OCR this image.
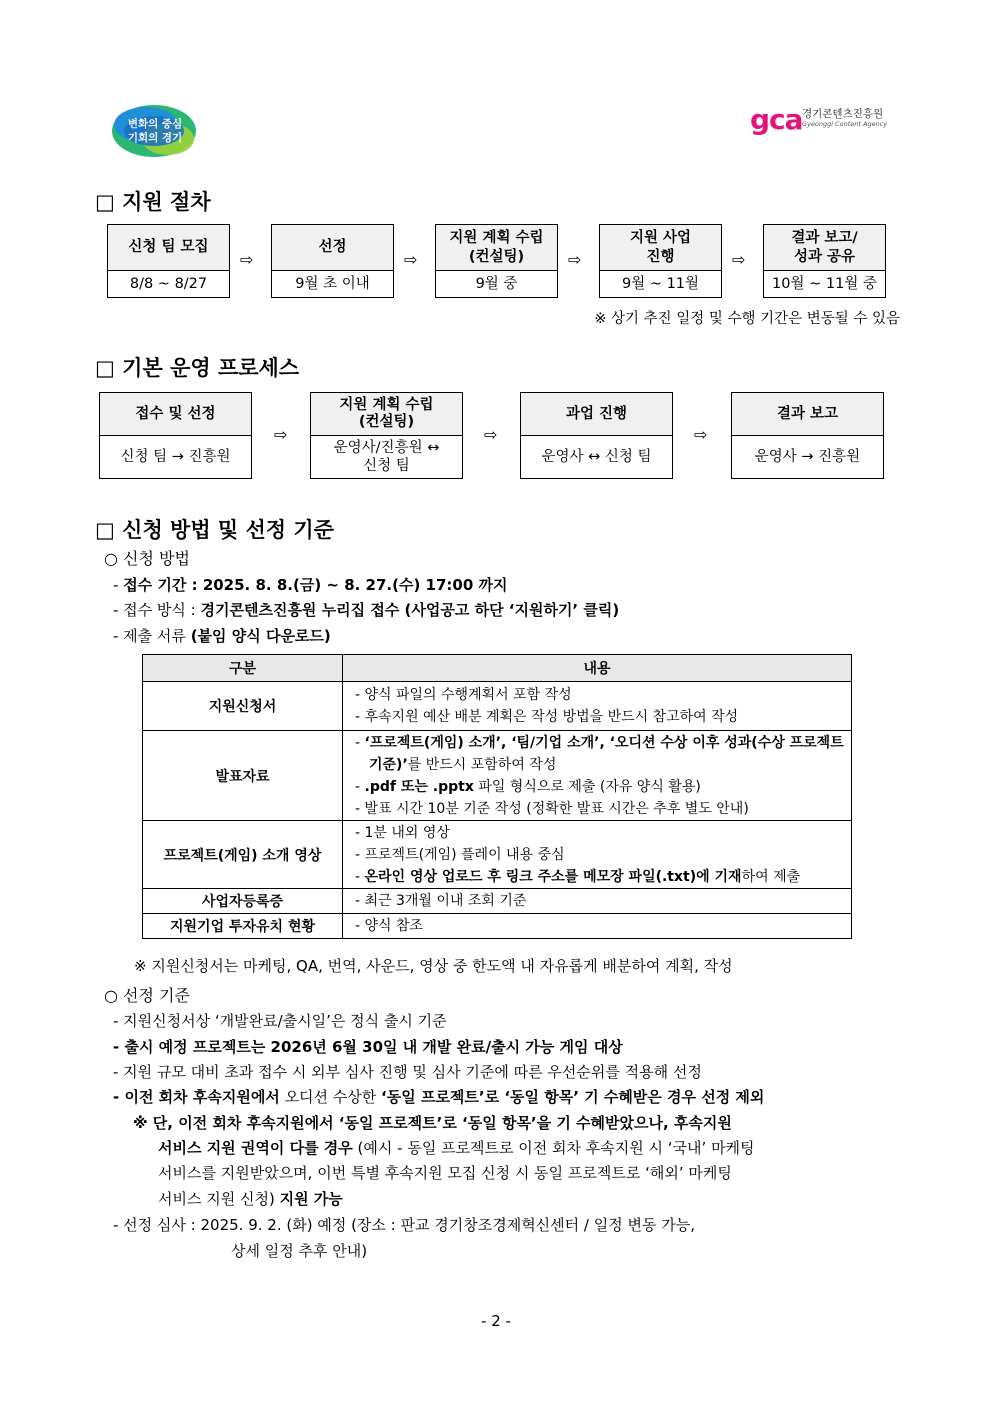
변화의 중심
기회의 경기
gca 경기콘텐츠진흥원
Gyeonggi Content Agency
□ 지원 절차
신청 팀 모집
8/8 ~ 8/27
⇨
선정
9월 초 이내
⇨
지원 계획 수립
(컨설팅)
9월 중
⇨
지원 사업
진행
9월 ~ 11월
⇨
결과 보고/
성과 공유
10월 ~ 11월 중
※ 상기 추진 일정 및 수행 기간은 변동될 수 있음
□ 기본 운영 프로세스
접수 및 선정
신청 팀 → 진흥원
⇨
지원 계획 수립
(컨설팅)
운영사/진흥원 ↔
신청 팀
⇨
과업 진행
운영사 ↔ 신청 팀
⇨
결과 보고
운영사 → 진흥원
□ 신청 방법 및 선정 기준
○ 신청 방법
- 접수 기간 : 2025. 8. 8.(금) ~ 8. 27.(수) 17:00 까지
- 접수 방식 : 경기콘텐츠진흥원 누리집 접수 (사업공고 하단 ‘지원하기’ 클릭)
- 제출 서류 (붙임 양식 다운로드)
구분	내용
지원신청서	- 양식 파일의 수행계획서 포함 작성
- 후속지원 예산 배분 계획은 작성 방법을 반드시 참고하여 작성

발표자료	- ‘프로젝트(게임) 소개’, ‘팀/기업 소개’, ‘오디션 수상 이후 성과(수상 프로젝트 기준)’를 반드시 포함하여 작성
- .pdf 또는 .pptx 파일 형식으로 제출 (자유 양식 활용)
- 발표 시간 10분 기준 작성 (정확한 발표 시간은 추후 별도 안내)

프로젝트(게임) 소개 영상	- 1분 내외 영상
- 프로젝트(게임) 플레이 내용 중심
- 온라인 영상 업로드 후 링크 주소를 메모장 파일(.txt)에 기재하여 제출

사업자등록증	- 최근 3개월 이내 조회 기준

지원기업 투자유치 현황	- 양식 참조
※ 지원신청서는 마케팅, QA, 번역, 사운드, 영상 중 한도액 내 자유롭게 배분하여 계획, 작성
○ 선정 기준
- 지원신청서상 ‘개발완료/출시일’은 정식 출시 기준
- 출시 예정 프로젝트는 2026년 6월 30일 내 개발 완료/출시 가능 게임 대상
- 지원 규모 대비 초과 접수 시 외부 심사 진행 및 심사 기준에 따른 우선순위를 적용해 선정
- 이전 회차 후속지원에서 오디션 수상한 ‘동일 프로젝트’로 ‘동일 항목’ 기 수혜받은 경우 선정 제외
※ 단, 이전 회차 후속지원에서 ‘동일 프로젝트’로 ‘동일 항목’을 기 수혜받았으나, 후속지원
서비스 지원 권역이 다를 경우 (예시 - 동일 프로젝트로 이전 회차 후속지원 시 ‘국내’ 마케팅
서비스를 지원받았으며, 이번 특별 후속지원 모집 신청 시 동일 프로젝트로 ‘해외’ 마케팅
서비스 지원 신청) 지원 가능
- 선정 심사 : 2025. 9. 2. (화) 예정 (장소 : 판교 경기창조경제혁신센터 / 일정 변동 가능,
상세 일정 추후 안내)
- 2 -
